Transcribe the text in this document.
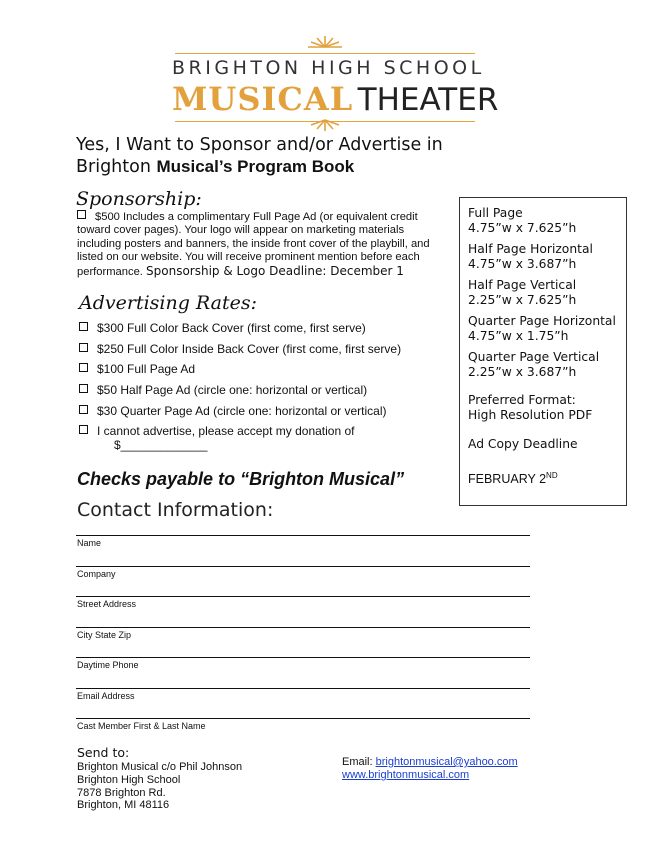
BRIGHTON HIGH SCHOOL
MUSICAL THEATER
Yes, I Want to Sponsor and/or Advertise in
Brighton Musical’s Program Book
Sponsorship:
$500 Includes a complimentary Full Page Ad (or equivalent credit
toward cover pages). Your logo will appear on marketing materials
including posters and banners, the inside front cover of the playbill, and
listed on our website. You will receive prominent mention before each
performance. Sponsorship & Logo Deadline: December 1
Advertising Rates:
$300 Full Color Back Cover (first come, first serve)
$250 Full Color Inside Back Cover (first come, first serve)
$100 Full Page Ad
$50 Half Page Ad (circle one: horizontal or vertical)
$30 Quarter Page Ad (circle one: horizontal or vertical)
I cannot advertise, please accept my donation of
$_____________
Checks payable to “Brighton Musical”
Contact Information:
Name
Company
Street Address
City State Zip
Daytime Phone
Email Address
Cast Member First & Last Name
Full Page
4.75”w x 7.625”h
Half Page Horizontal
4.75”w x 3.687”h
Half Page Vertical
2.25”w x 7.625”h
Quarter Page Horizontal
4.75”w x 1.75”h
Quarter Page Vertical
2.25”w x 3.687”h
Preferred Format:
High Resolution PDF
Ad Copy Deadline
FEBRUARY 2ND
Send to:
Brighton Musical c/o Phil Johnson
Brighton High School
7878 Brighton Rd.
Brighton, MI 48116
Email: brightonmusical@yahoo.com
www.brightonmusical.com
